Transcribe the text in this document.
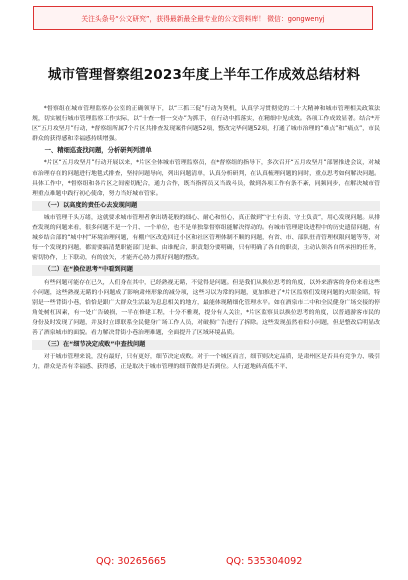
关注头条号“公文研究”，获得最新最全最专业的公文资料库！ 微信：gongwenyj
城市管理督察组2023年度上半年工作成效总结材料

*督察组在城市管理监察办公室的正确领导下，以“三抓三促”行动为契机，认真学习贯彻党的二十大精神和城市管理相关政策法规，切实履行城市管理监察工作实际，以“十查一督一交办”为抓手，在行动中抓落实，在精细中见成效。各项工作成效显著。结合*开区“五月攻坚月”行动，*督察组所属7个片区共排查发现案件问题52项，整改完毕问题52项，打通了城市治理的“难点”和“痛点”，市民群众的获得感和幸福感持续增强。

一、精细巡查找问题，分析研判列清单

*片区“五月攻坚月”行动开展以来，*片区全体城市管理监察员，在*督察组的指导下，多次召开“五月攻坚月”部署推进会议，对城市治理存在的问题进行地毯式排查，坚持问题导向，列出问题清单，认真分析研判，在认真梳理问题的同时，重点思考如何解决问题。具体工作中，*督察组和各片区之间密切配合，通力合作，既当指挥员又当战斗员，做到各项工作有条不紊，同频同步，在解决城市管理重点难题中践行初心使命，努力当好城市管家。

（一）以高度的责任心去发现问题

城市管理千头万绪，这就要求城市管理者拿出绣花般的细心、耐心和恒心，真正做到“守土有责、守土负责”，用心发现问题。从排查发现的问题来看，很多问题不是一个月、一个单位，也不是单独靠督察组能解决得动的。有城市管理建设进程中的历史遗留问题，有城乡结合部的“城中村”环境治理问题，有棚户区改造回迁小区和社区管理体制不顺的问题，有省、市、部队驻青管理权限问题等等，对每一个发现的问题，都需要搞清楚职能部门是谁、由谁配合，职责划分要明确，只有明确了各自的职责，主动认领各自所承担的任务，密切协作，上下联动，有的放矢，才能齐心协力抓好问题的整改。

（二）在“换位思考”中看到问题

有些问题可能存在已久，人们身在其中，已经熟视无睹，不觉得是问题。但是我们从换位思考的角度，以外来游客的身份来看这些小问题，这些熟视无睹的小问题成了影响肃州形象的减分项，这些习以为常的问题，更加推进了*片区监察们发现问题的火眼金睛，特别是一些背街小巷，恰恰是跟广大群众生活最为息息相关的地方，最能体现精细化管理水平。如在酒泉市二中和全民健身广场交接的停角处树杠因素，有一处广告破损，一半在修建工程，十分不雅观，提分有人关注，*片区监察员以换位思考的角度，以普通游客市民的身份及时发现了问题，并及时立即联系全民健身广场工作人员，对破损广告进行了拆除。这些发现虽然看似小问题，但是整改后明显改善了酒泉城市的面貌。看力解决背街小巷治理难题，全面提升了区域环境品质。

（三）在“细节决定成败”中查找问题

对于城市管理来说，没有最好，只有更好，细节决定成败。对于一个城区而言，细节则决定品质，是肃州区是否具有竞争力、吸引力，群众是否有幸福感、获得感，正是取决于城市管理的细节做得是否到位。人行道地砖高低不平、

QQ: 30265665	QQ: 535304092
